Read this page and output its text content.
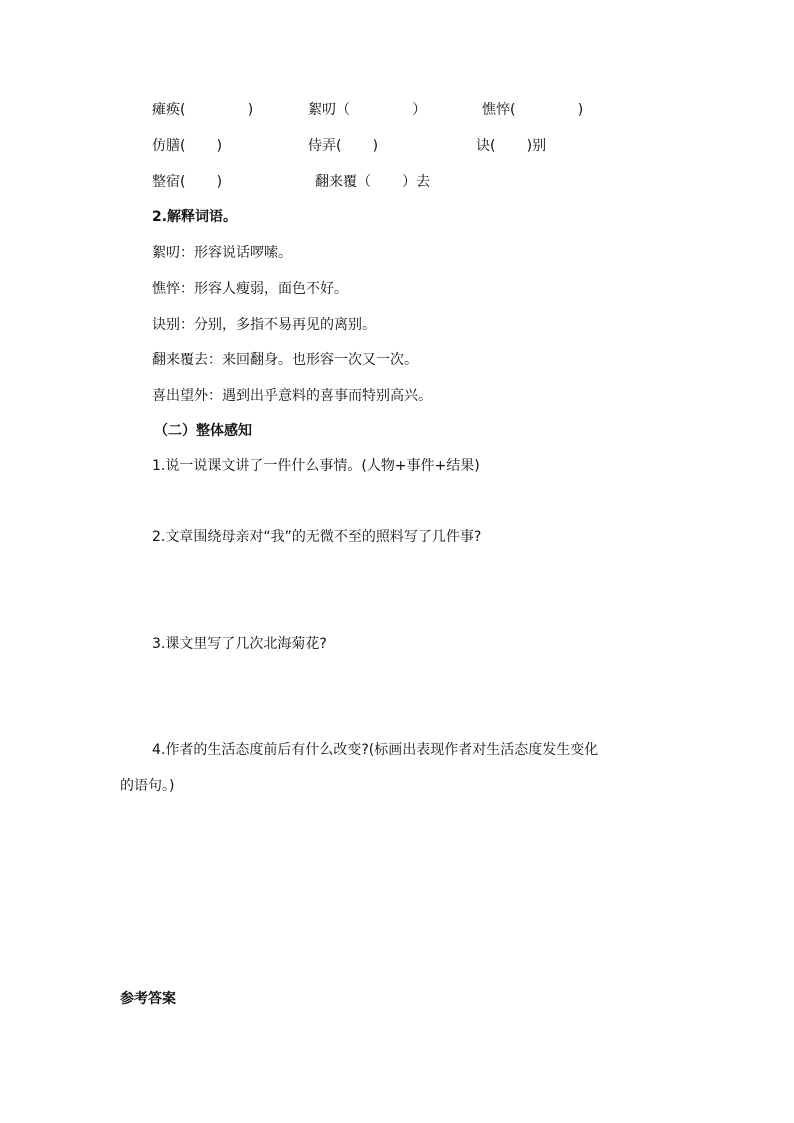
瘫痪(              )	絮叨（              ）	憔悴(              )
仿膳(       )	侍弄(       )	诀(       )别
整宿(       )	翻来覆（       ）去
2.解释词语。
絮叨：形容说话啰嗦。
憔悴：形容人瘦弱，面色不好。
诀别：分别，多指不易再见的离别。
翻来覆去：来回翻身。也形容一次又一次。
喜出望外：遇到出乎意料的喜事而特别高兴。
（二）整体感知
1.说一说课文讲了一件什么事情。(人物+事件+结果)
2.文章围绕母亲对“我”的无微不至的照料写了几件事?
3.课文里写了几次北海菊花?
4.作者的生活态度前后有什么改变?(标画出表现作者对生活态度发生变化
的语句。)
参考答案
